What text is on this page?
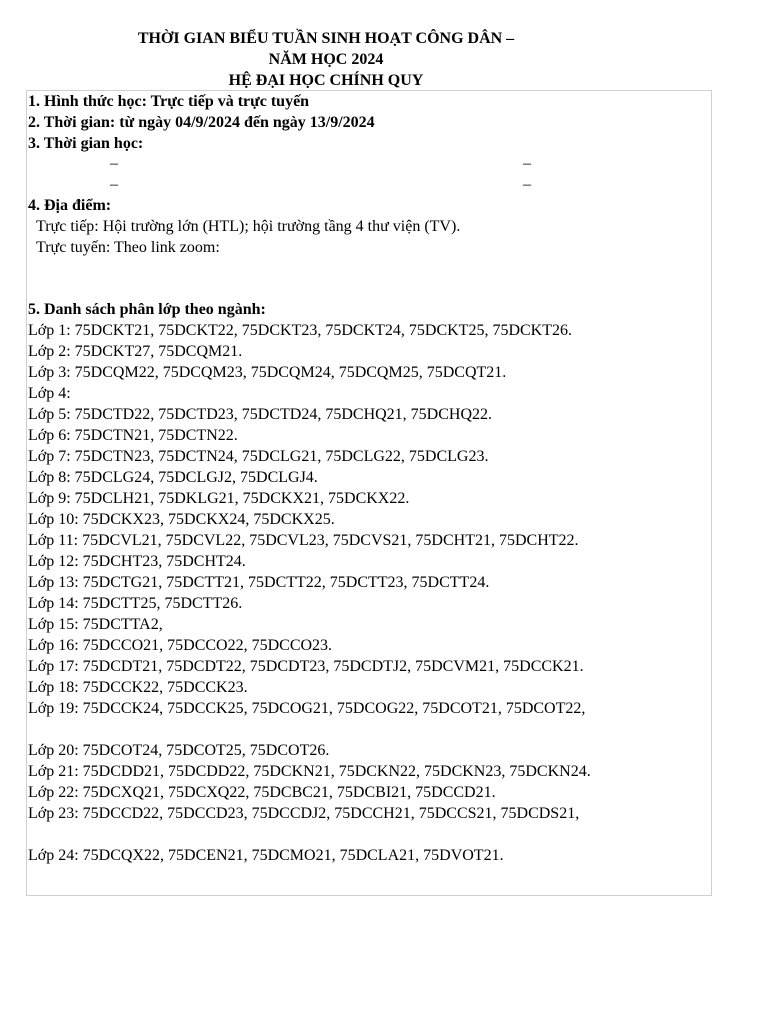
THỜI GIAN BIỂU TUẦN SINH HOẠT CÔNG DÂN –
NĂM HỌC 2024
HỆ ĐẠI HỌC CHÍNH QUY
1. Hình thức học: Trực tiếp và trực tuyến
2. Thời gian: từ ngày 04/9/2024 đến ngày 13/9/2024
3. Thời gian học:
–	–
–	–
4. Địa điểm:
Trực tiếp: Hội trường lớn (HTL); hội trường tầng 4 thư viện (TV).
Trực tuyến: Theo link zoom:
5. Danh sách phân lớp theo ngành:
Lớp 1: 75DCKT21, 75DCKT22, 75DCKT23, 75DCKT24, 75DCKT25, 75DCKT26.
Lớp 2: 75DCKT27, 75DCQM21.
Lớp 3: 75DCQM22, 75DCQM23, 75DCQM24, 75DCQM25, 75DCQT21.
Lớp 4:
Lớp 5: 75DCTD22, 75DCTD23, 75DCTD24, 75DCHQ21, 75DCHQ22.
Lớp 6: 75DCTN21, 75DCTN22.
Lớp 7: 75DCTN23, 75DCTN24, 75DCLG21, 75DCLG22, 75DCLG23.
Lớp 8: 75DCLG24, 75DCLGJ2, 75DCLGJ4.
Lớp 9: 75DCLH21, 75DKLG21, 75DCKX21, 75DCKX22.
Lớp 10: 75DCKX23, 75DCKX24, 75DCKX25.
Lớp 11: 75DCVL21, 75DCVL22, 75DCVL23, 75DCVS21, 75DCHT21, 75DCHT22.
Lớp 12: 75DCHT23, 75DCHT24.
Lớp 13: 75DCTG21, 75DCTT21, 75DCTT22, 75DCTT23, 75DCTT24.
Lớp 14: 75DCTT25, 75DCTT26.
Lớp 15: 75DCTTA2,
Lớp 16: 75DCCO21, 75DCCO22, 75DCCO23.
Lớp 17: 75DCDT21, 75DCDT22, 75DCDT23, 75DCDTJ2, 75DCVM21, 75DCCK21.
Lớp 18: 75DCCK22, 75DCCK23.
Lớp 19: 75DCCK24, 75DCCK25, 75DCOG21, 75DCOG22, 75DCOT21, 75DCOT22,
Lớp 20: 75DCOT24, 75DCOT25, 75DCOT26.
Lớp 21: 75DCDD21, 75DCDD22, 75DCKN21, 75DCKN22, 75DCKN23, 75DCKN24.
Lớp 22: 75DCXQ21, 75DCXQ22, 75DCBC21, 75DCBI21, 75DCCD21.
Lớp 23: 75DCCD22, 75DCCD23, 75DCCDJ2, 75DCCH21, 75DCCS21, 75DCDS21,
Lớp 24: 75DCQX22, 75DCEN21, 75DCMO21, 75DCLA21, 75DVOT21.
